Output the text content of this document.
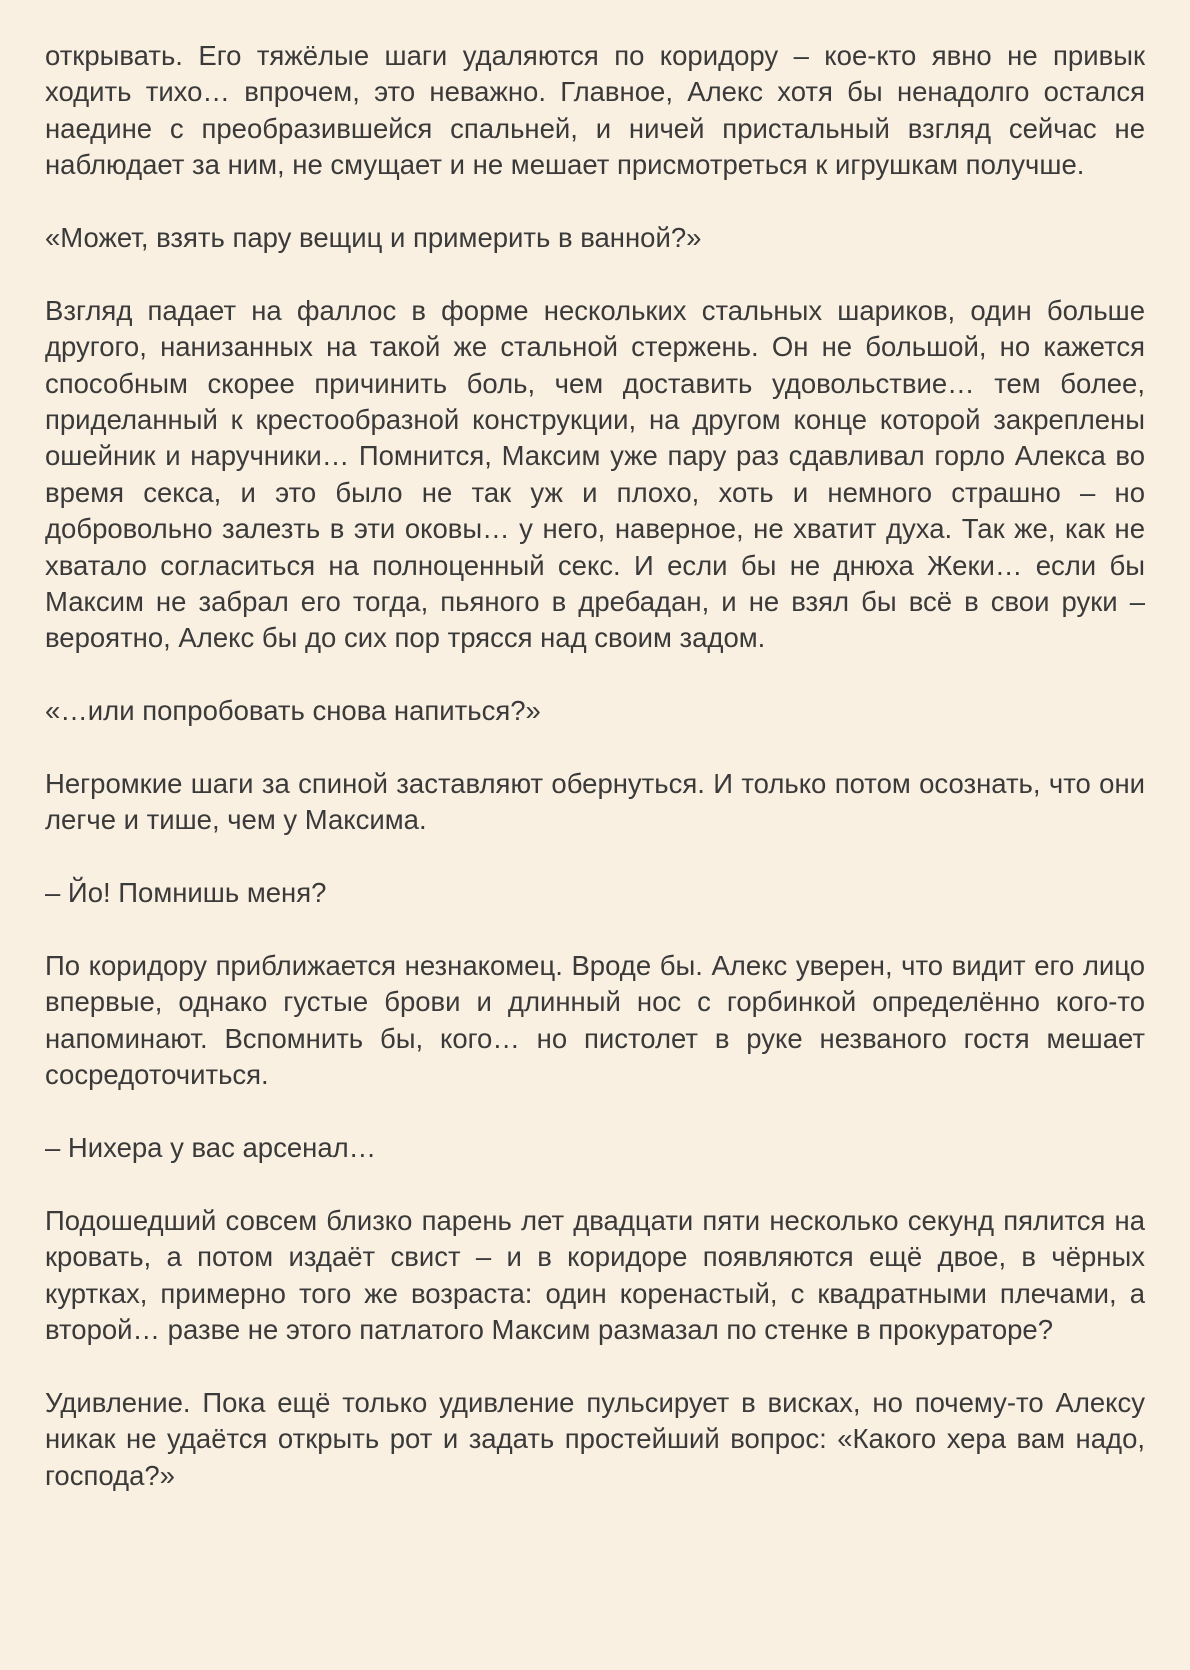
открывать. Его тяжёлые шаги удаляются по коридору – кое-кто явно не привык ходить тихо… впрочем, это неважно. Главное, Алекс хотя бы ненадолго остался наедине с преобразившейся спальней, и ничей пристальный взгляд сейчас не наблюдает за ним, не смущает и не мешает присмотреться к игрушкам получше.

«Может, взять пару вещиц и примерить в ванной?»

Взгляд падает на фаллос в форме нескольких стальных шариков, один больше другого, нанизанных на такой же стальной стержень. Он не большой, но кажется способным скорее причинить боль, чем доставить удовольствие… тем более, приделанный к крестообразной конструкции, на другом конце которой закреплены ошейник и наручники… Помнится, Максим уже пару раз сдавливал горло Алекса во время секса, и это было не так уж и плохо, хоть и немного страшно – но добровольно залезть в эти оковы… у него, наверное, не хватит духа. Так же, как не хватало согласиться на полноценный секс. И если бы не днюха Жеки… если бы Максим не забрал его тогда, пьяного в дребадан, и не взял бы всё в свои руки – вероятно, Алекс бы до сих пор трясся над своим задом.

«…или попробовать снова напиться?»

Негромкие шаги за спиной заставляют обернуться. И только потом осознать, что они легче и тише, чем у Максима.

– Йо! Помнишь меня?

По коридору приближается незнакомец. Вроде бы. Алекс уверен, что видит его лицо впервые, однако густые брови и длинный нос с горбинкой определённо кого-то напоминают. Вспомнить бы, кого… но пистолет в руке незваного гостя мешает сосредоточиться.

– Нихера у вас арсенал…

Подошедший совсем близко парень лет двадцати пяти несколько секунд пялится на кровать, а потом издаёт свист – и в коридоре появляются ещё двое, в чёрных куртках, примерно того же возраста: один коренастый, с квадратными плечами, а второй… разве не этого патлатого Максим размазал по стенке в прокураторе?

Удивление. Пока ещё только удивление пульсирует в висках, но почему-то Алексу никак не удаётся открыть рот и задать простейший вопрос: «Какого хера вам надо, господа?»
